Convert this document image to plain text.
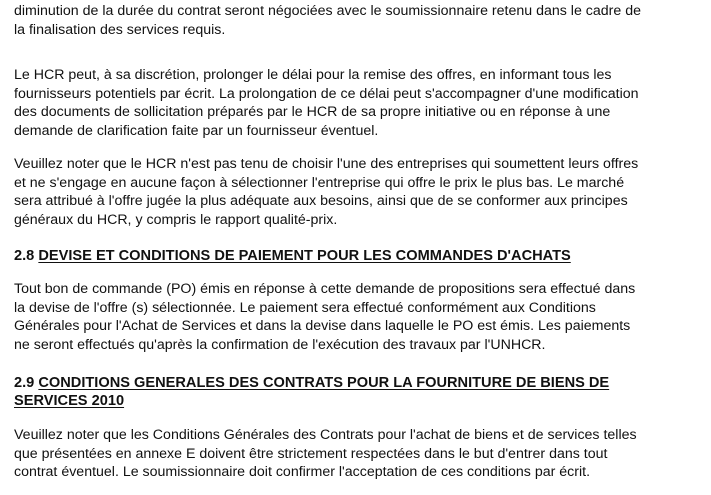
diminution de la durée du contrat seront négociées avec le soumissionnaire retenu dans le cadre de
la finalisation des services requis.
Le HCR peut, à sa discrétion, prolonger le délai pour la remise des offres, en informant tous les
fournisseurs potentiels par écrit. La prolongation de ce délai peut s'accompagner d'une modification
des documents de sollicitation préparés par le HCR de sa propre initiative ou en réponse à une
demande de clarification faite par un fournisseur éventuel.
Veuillez noter que le HCR n'est pas tenu de choisir l'une des entreprises qui soumettent leurs offres
et ne s'engage en aucune façon à sélectionner l'entreprise qui offre le prix le plus bas. Le marché
sera attribué à l'offre jugée la plus adéquate aux besoins, ainsi que de se conformer aux principes
généraux du HCR, y compris le rapport qualité-prix.
2.8 DEVISE ET CONDITIONS DE PAIEMENT POUR LES COMMANDES D'ACHATS
Tout bon de commande (PO) émis en réponse à cette demande de propositions sera effectué dans
la devise de l'offre (s) sélectionnée. Le paiement sera effectué conformément aux Conditions
Générales pour l'Achat de Services et dans la devise dans laquelle le PO est émis. Les paiements
ne seront effectués qu'après la confirmation de l'exécution des travaux par l'UNHCR.
2.9 CONDITIONS GENERALES DES CONTRATS POUR LA FOURNITURE DE BIENS DE
SERVICES 2010
Veuillez noter que les Conditions Générales des Contrats pour l'achat de biens et de services telles
que présentées en annexe E doivent être strictement respectées dans le but d'entrer dans tout
contrat éventuel. Le soumissionnaire doit confirmer l'acceptation de ces conditions par écrit.
